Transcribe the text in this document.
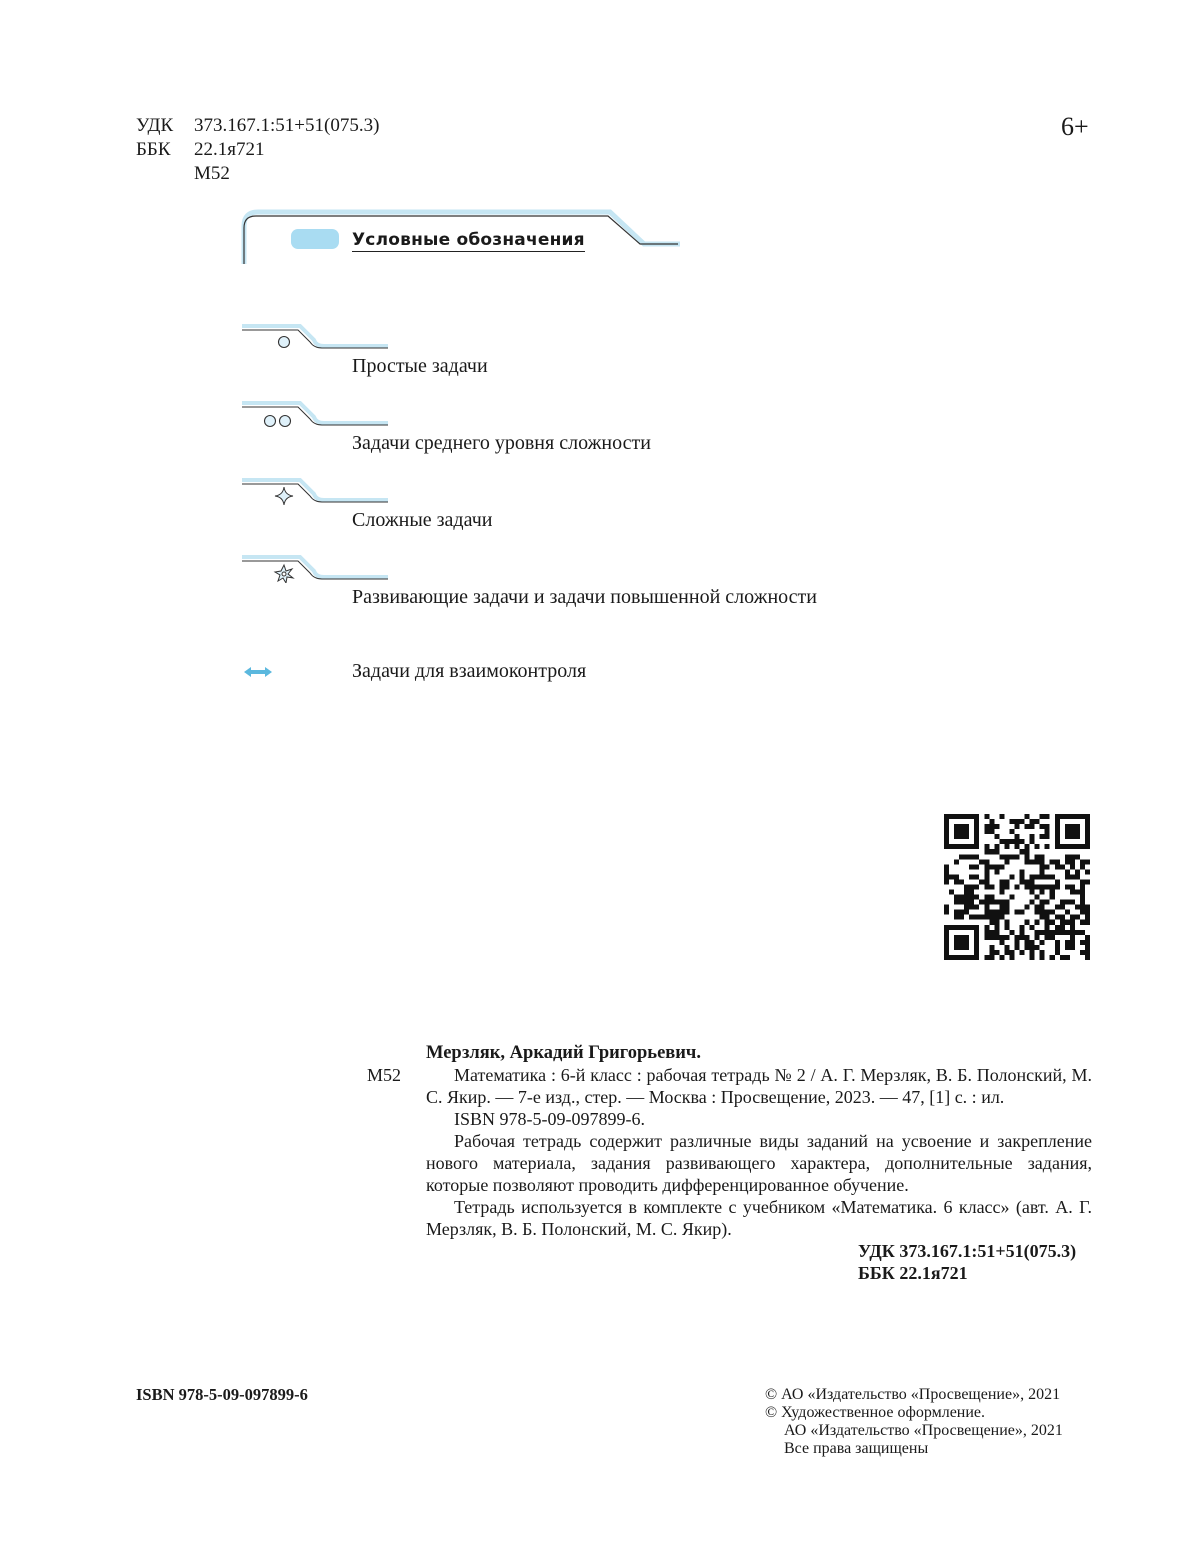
УДК 373.167.1:51+51(075.3)
ББК 22.1я721
М52
6+
Условные обозначения
Простые задачи
Задачи среднего уровня сложности
Сложные задачи
Развивающие задачи и задачи повышенной сложности
Задачи для взаимоконтроля
М52

Мерзляк, Аркадий Григорьевич.

Математика : 6-й класс : рабочая тетрадь № 2 / А. Г. Мерзляк, В. Б. Полонский, М. С. Якир. — 7-е изд., стер. — Москва : Просвещение, 2023. — 47, [1] с. : ил.

ISBN 978-5-09-097899-6.

Рабочая тетрадь содержит различные виды заданий на усвоение и закрепление нового материала, задания развивающего характера, дополнительные задания, которые позволяют проводить дифференцированное обучение.

Тетрадь используется в комплекте с учебником «Математика. 6 класс» (авт. А. Г. Мерзляк, В. Б. Полонский, М. С. Якир).

УДК 373.167.1:51+51(075.3)

ББК 22.1я721

ISBN 978-5-09-097899-6	© АО «Издательство «Просвещение», 2021
© Художественное оформление.
АО «Издательство «Просвещение», 2021
Все права защищены
